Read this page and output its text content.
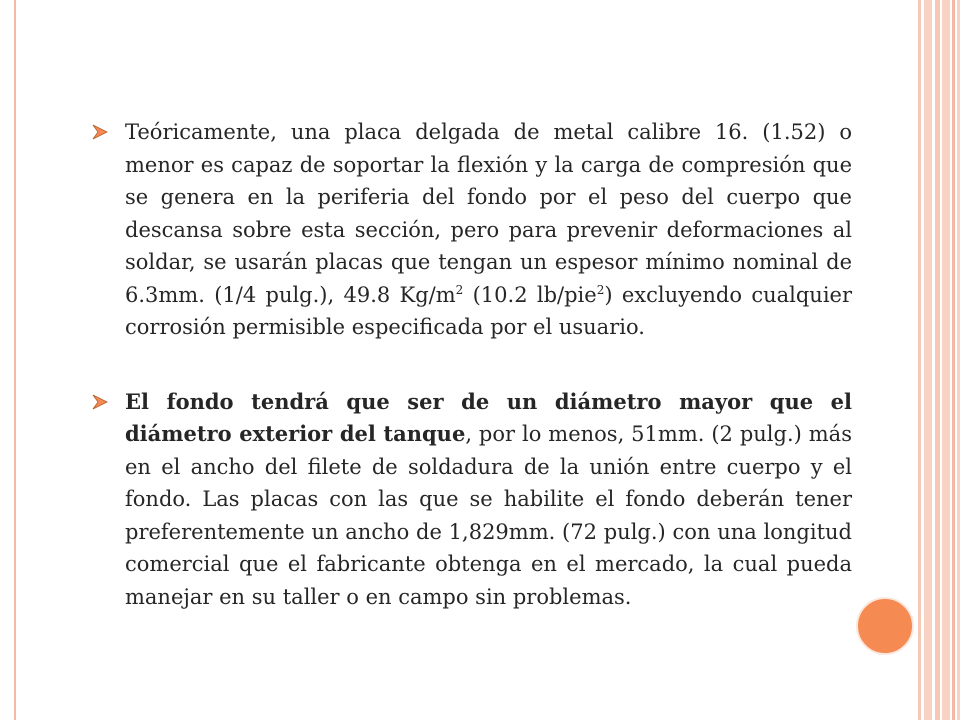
Teóricamente, una placa delgada de metal calibre 16. (1.52) o menor es capaz de soportar la flexión y la carga de compresión que se genera en la periferia del fondo por el peso del cuerpo que descansa sobre esta sección, pero para prevenir deformaciones al soldar, se usarán placas que tengan un espesor mínimo nominal de 6.3mm. (1/4 pulg.), 49.8 $Kg/m^2$ (10.2 lb/pie$^2$) excluyendo cualquier corrosión permisible especificada por el usuario.
El fondo tendrá que ser de un diámetro mayor que el diámetro exterior del tanque, por lo menos, 51mm. (2 pulg.) más en el ancho del filete de soldadura de la unión entre cuerpo y el fondo. Las placas con las que se habilite el fondo deberán tener preferentemente un ancho de 1,829mm. (72 pulg.) con una longitud comercial que el fabricante obtenga en el mercado, la cual pueda manejar en su taller o en campo sin problemas.
